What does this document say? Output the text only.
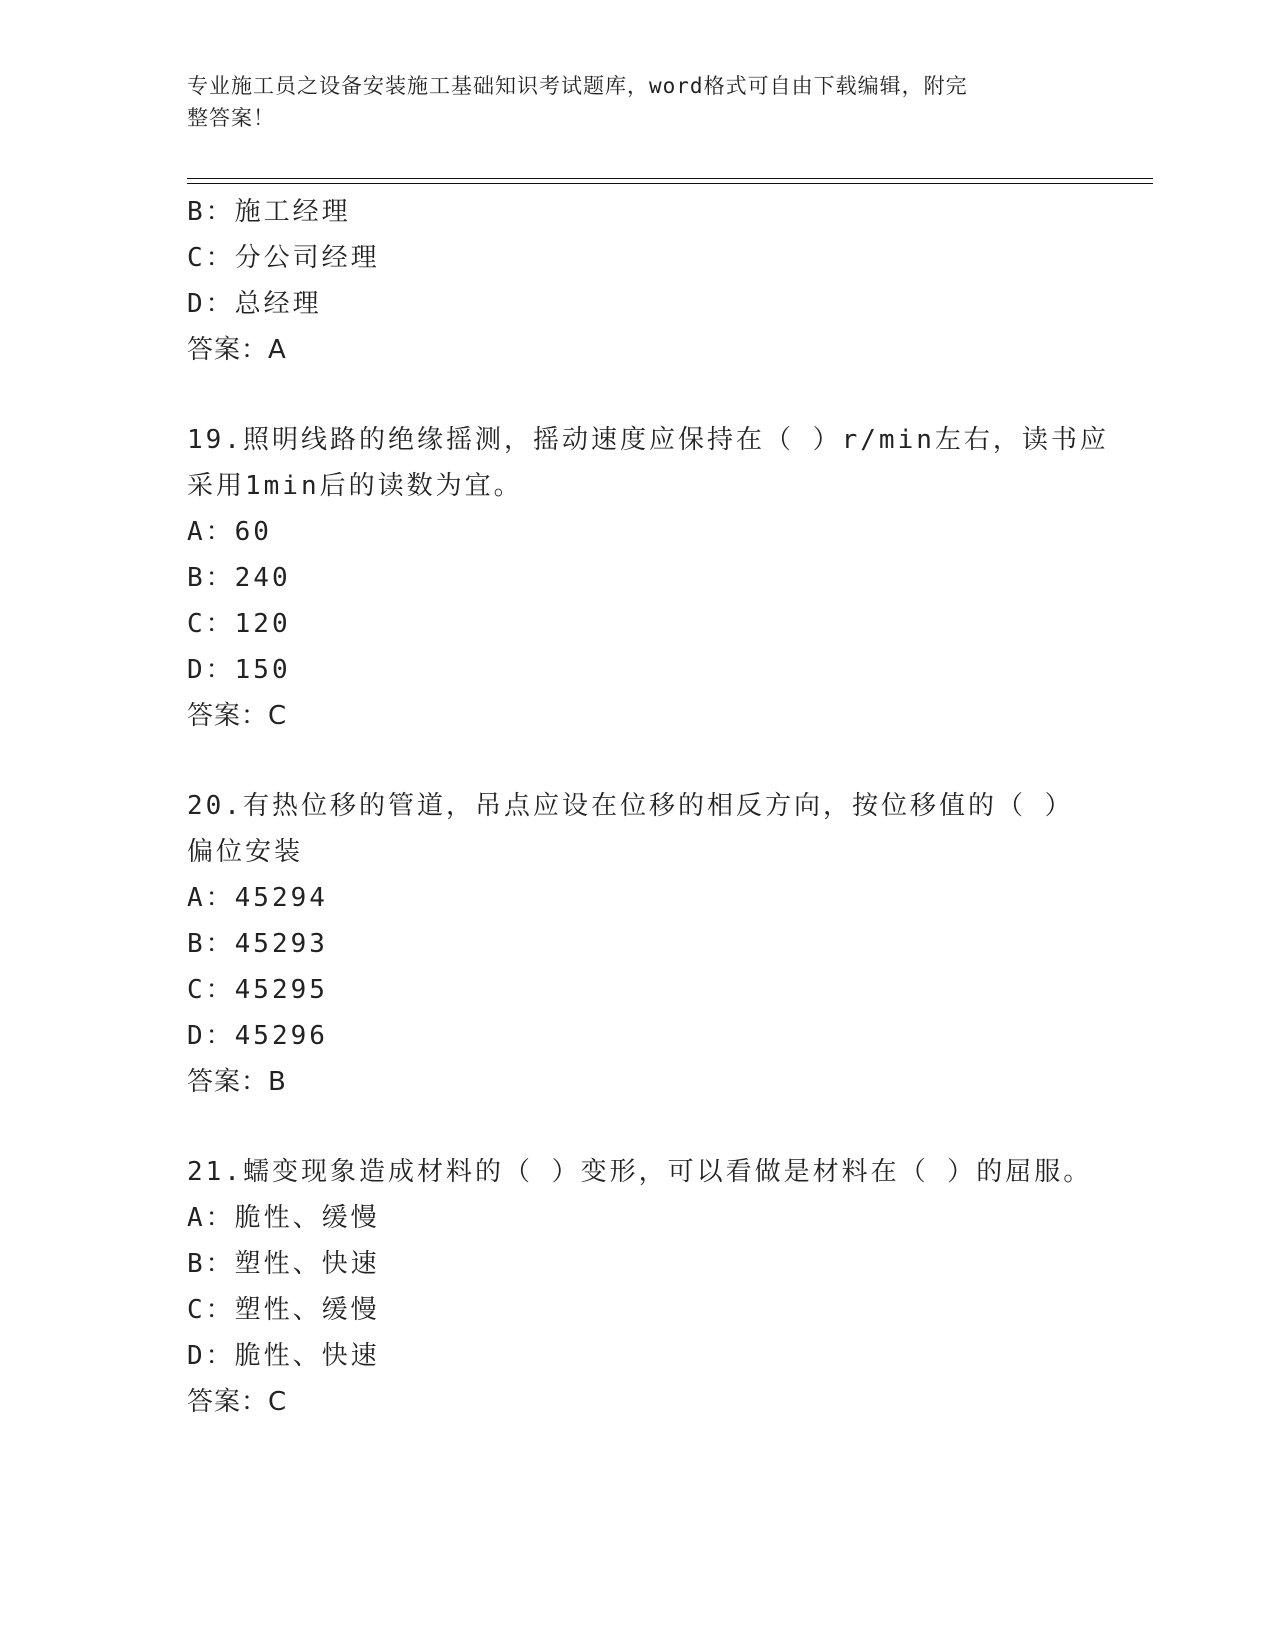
专业施工员之设备安装施工基础知识考试题库，word格式可自由下载编辑，附完
整答案！
B：施工经理
C：分公司经理
D：总经理
答案：A
19.照明线路的绝缘摇测，摇动速度应保持在（ ）r/min左右，读书应
采用1min后的读数为宜。
A：60
B：240
C：120
D：150
答案：C
20.有热位移的管道，吊点应设在位移的相反方向，按位移值的（ ）
偏位安装
A：45294
B：45293
C：45295
D：45296
答案：B
21.蠕变现象造成材料的（ ）变形，可以看做是材料在（ ）的屈服。
A：脆性、缓慢
B：塑性、快速
C：塑性、缓慢
D：脆性、快速
答案：C
